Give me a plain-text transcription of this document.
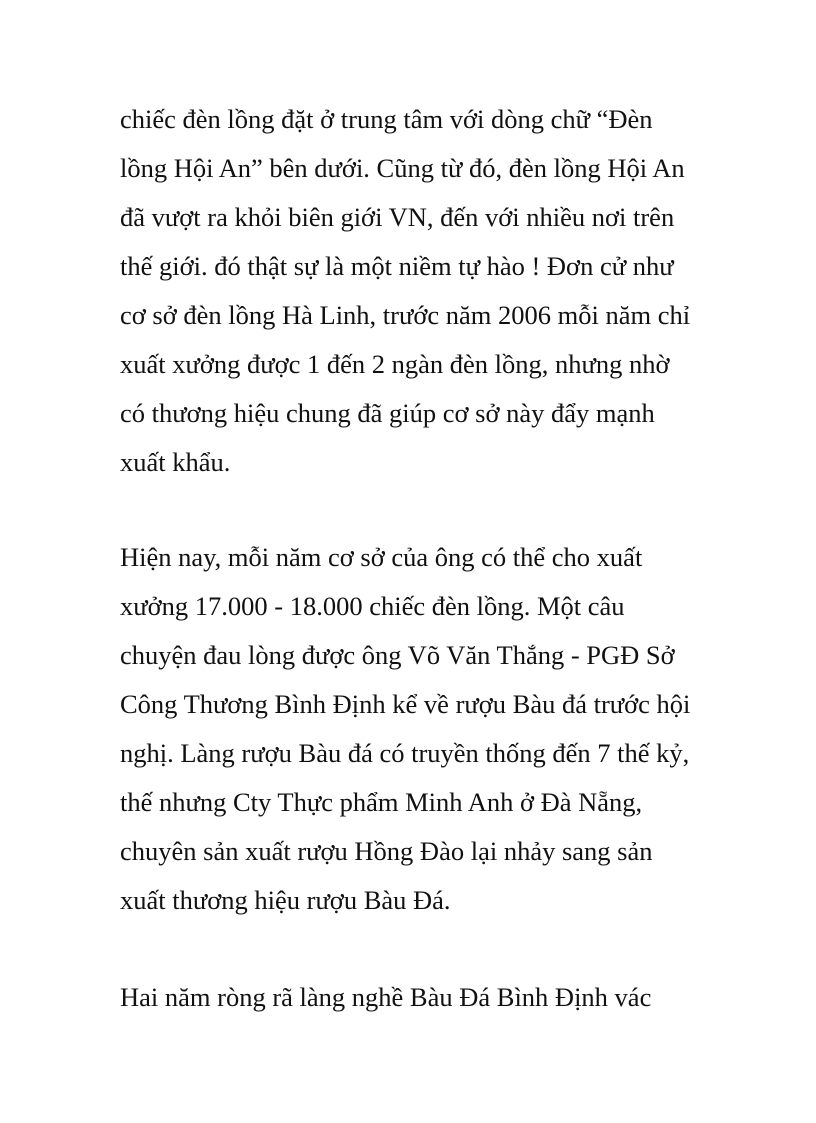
chiếc đèn lồng đặt ở trung tâm với dòng chữ “Đèn
lồng Hội An” bên dưới. Cũng từ đó, đèn lồng Hội An
đã vượt ra khỏi biên giới VN, đến với nhiều nơi trên
thế giới. đó thật sự là một niềm tự hào ! Đơn cử như
cơ sở đèn lồng Hà Linh, trước năm 2006 mỗi năm chỉ
xuất xưởng được 1 đến 2 ngàn đèn lồng, nhưng nhờ
có thương hiệu chung đã giúp cơ sở này đẩy mạnh
xuất khẩu.
Hiện nay, mỗi năm cơ sở của ông có thể cho xuất
xưởng 17.000 - 18.000 chiếc đèn lồng. Một câu
chuyện đau lòng được ông Võ Văn Thắng - PGĐ Sở
Công Thương Bình Định kể về rượu Bàu đá trước hội
nghị. Làng rượu Bàu đá có truyền thống đến 7 thế kỷ,
thế nhưng Cty Thực phẩm Minh Anh ở Đà Nẵng,
chuyên sản xuất rượu Hồng Đào lại nhảy sang sản
xuất thương hiệu rượu Bàu Đá.
Hai năm ròng rã làng nghề Bàu Đá Bình Định vác
